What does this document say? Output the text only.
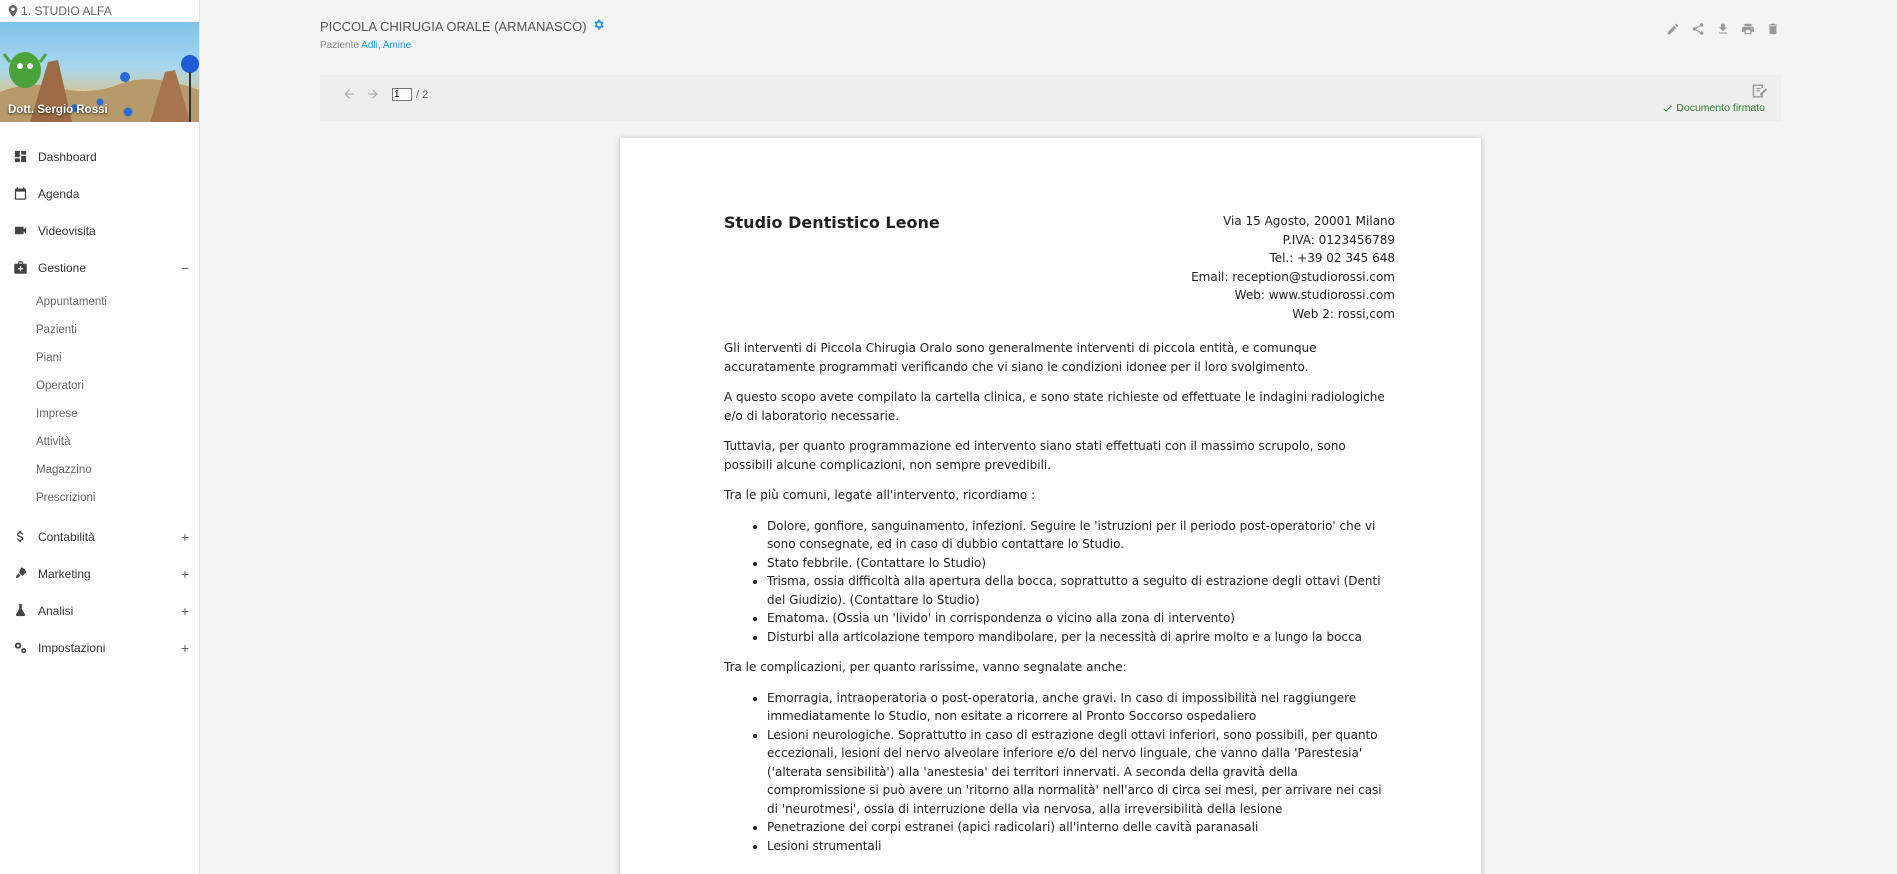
1. STUDIO ALFA
Dott. Sergio Rossi
Dashboard
Agenda
Videovisita
Gestione	−
Appuntamenti
Pazienti
Piani
Operatori
Imprese
Attività
Magazzino
Prescrizioni
Contabilità	+
Marketing	+
Analisi	+
Impostazioni	+
PICCOLA CHIRUGIA ORALE (ARMANASCO)
Paziente Adli, Amine
1
/ 2
Documento firmato
Studio Dentistico Leone	Via 15 Agosto, 20001 Milano
P.IVA: 0123456789
Tel.: +39 02 345 648
Email: reception@studiorossi.com
Web: www.studiorossi.com
Web 2: rossi,com

Gli interventi di Piccola Chirugia Oralo sono generalmente interventi di piccola entità, e comunque accuratamente programmati verificando che vi siano le condizioni idonee per il loro svolgimento.

A questo scopo avete compilato la cartella clinica, e sono state richieste od effettuate le indagini radiologiche e/o di laboratorio necessarie.

Tuttavia, per quanto programmazione ed intervento siano stati effettuati con il massimo scrupolo, sono possibili alcune complicazioni, non sempre prevedibili.

Tra le più comuni, legate all'intervento, ricordiamo :

• Dolore, gonfiore, sanguinamento, infezioni. Seguire le 'istruzioni per il periodo post-operatorio' che vi sono consegnate, ed in caso di dubbio contattare lo Studio.
• Stato febbrile. (Contattare lo Studio)
• Trisma, ossia difficoltà alla apertura della bocca, soprattutto a seguito di estrazione degli ottavi (Denti del Giudizio). (Contattare lo Studio)
• Ematoma. (Ossia un 'livido' in corrispondenza o vicino alla zona di intervento)
• Disturbi alla articolazione temporo mandibolare, per la necessità di aprire molto e a lungo la bocca

Tra le complicazioni, per quanto rarissime, vanno segnalate anche:

• Emorragia, intraoperatoria o post-operatoria, anche gravi. In caso di impossibilità nel raggiungere immediatamente lo Studio, non esitate a ricorrere al Pronto Soccorso ospedaliero
• Lesioni neurologiche. Soprattutto in caso di estrazione degli ottavi inferiori, sono possibili, per quanto eccezionali, lesioni del nervo alveolare inferiore e/o del nervo linguale, che vanno dalla 'Parestesia' ('alterata sensibilità') alla 'anestesia' dei territori innervati. A seconda della gravità della compromissione si può avere un 'ritorno alla normalità' nell'arco di circa sei mesi, per arrivare nei casi di 'neurotmesi', ossia di interruzione della via nervosa, alla irreversibilità della lesione
• Penetrazione dei corpi estranei (apici radicolari) all'interno delle cavità paranasali
• Lesioni strumentali
